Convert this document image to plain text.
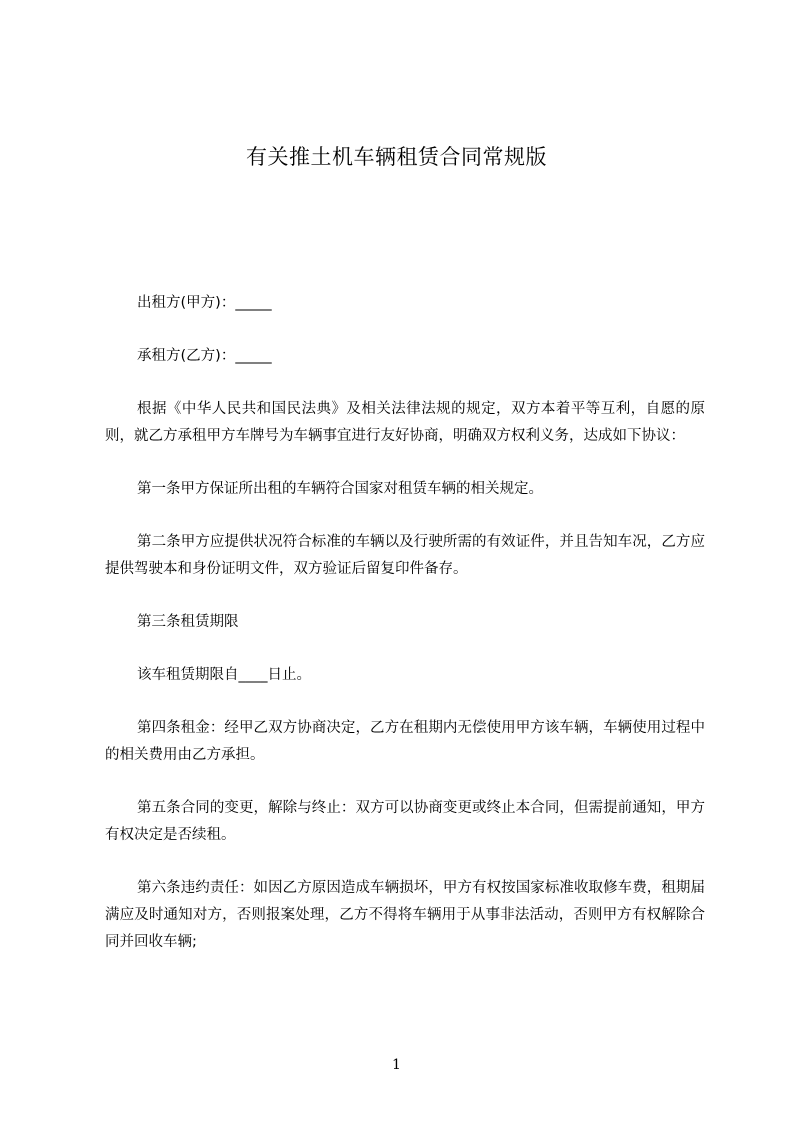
有关推土机车辆租赁合同常规版

出租方(甲方)：_____

承租方(乙方)：_____

根据《中华人民共和国民法典》及相关法律法规的规定，双方本着平等互利，自愿的原则，就乙方承租甲方车牌号为车辆事宜进行友好协商，明确双方权利义务，达成如下协议：

第一条甲方保证所出租的车辆符合国家对租赁车辆的相关规定。

第二条甲方应提供状况符合标准的车辆以及行驶所需的有效证件，并且告知车况，乙方应提供驾驶本和身份证明文件，双方验证后留复印件备存。

第三条租赁期限

该车租赁期限自____日止。

第四条租金：经甲乙双方协商决定，乙方在租期内无偿使用甲方该车辆，车辆使用过程中的相关费用由乙方承担。

第五条合同的变更，解除与终止：双方可以协商变更或终止本合同，但需提前通知，甲方有权决定是否续租。

第六条违约责任：如因乙方原因造成车辆损坏，甲方有权按国家标准收取修车费，租期届满应及时通知对方，否则报案处理，乙方不得将车辆用于从事非法活动，否则甲方有权解除合同并回收车辆;

1
